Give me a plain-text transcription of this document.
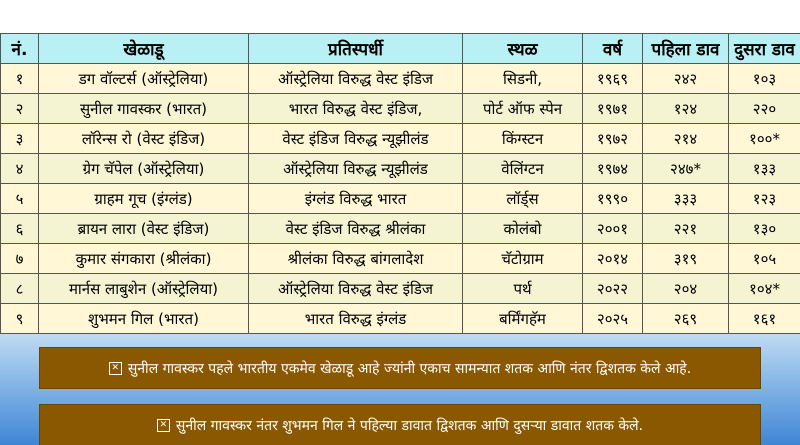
नं.	खेळाडू	प्रतिस्पर्धी	स्थळ	वर्ष	पहिला डाव	दुसरा डाव
१	डग वॉल्टर्स (ऑस्ट्रेलिया)	ऑस्ट्रेलिया विरुद्ध वेस्ट इंडिज	सिडनी,	१९६९	२४२	१०३
२	सुनील गावस्कर (भारत)	भारत विरुद्ध वेस्ट इंडिज,	पोर्ट ऑफ स्पेन	१९७१	१२४	२२०
३	लॉरेन्स रो (वेस्ट इंडिज)	वेस्ट इंडिज विरुद्ध न्यूझीलंड	किंग्स्टन	१९७२	२१४	१००*
४	ग्रेग चॅपेल (ऑस्ट्रेलिया)	ऑस्ट्रेलिया विरुद्ध न्यूझीलंड	वेलिंग्टन	१९७४	२४७*	१३३
५	ग्राहम गूच (इंग्लंड)	इंग्लंड विरुद्ध भारत	लॉर्ड्स	१९९०	३३३	१२३
६	ब्रायन लारा (वेस्ट इंडिज)	वेस्ट इंडिज विरुद्ध श्रीलंका	कोलंबो	२००१	२२१	१३०
७	कुमार संगकारा (श्रीलंका)	श्रीलंका विरुद्ध बांगलादेश	चॅटोग्राम	२०१४	३१९	१०५
८	मार्नस लाबुशेन (ऑस्ट्रेलिया)	ऑस्ट्रेलिया विरुद्ध वेस्ट इंडिज	पर्थ	२०२२	२०४	१०४*
९	शुभमन गिल (भारत)	भारत विरुद्ध इंग्लंड	बर्मिंगहॅम	२०२५	२६९	१६१
✕ सुनील गावस्कर पहले भारतीय एकमेव खेळाडू आहे ज्यांनी एकाच सामन्यात शतक आणि नंतर द्विशतक केले आहे.
✕ सुनील गावस्कर नंतर शुभमन गिल ने पहिल्या डावात द्विशतक आणि दुसऱ्या डावात शतक केले.
